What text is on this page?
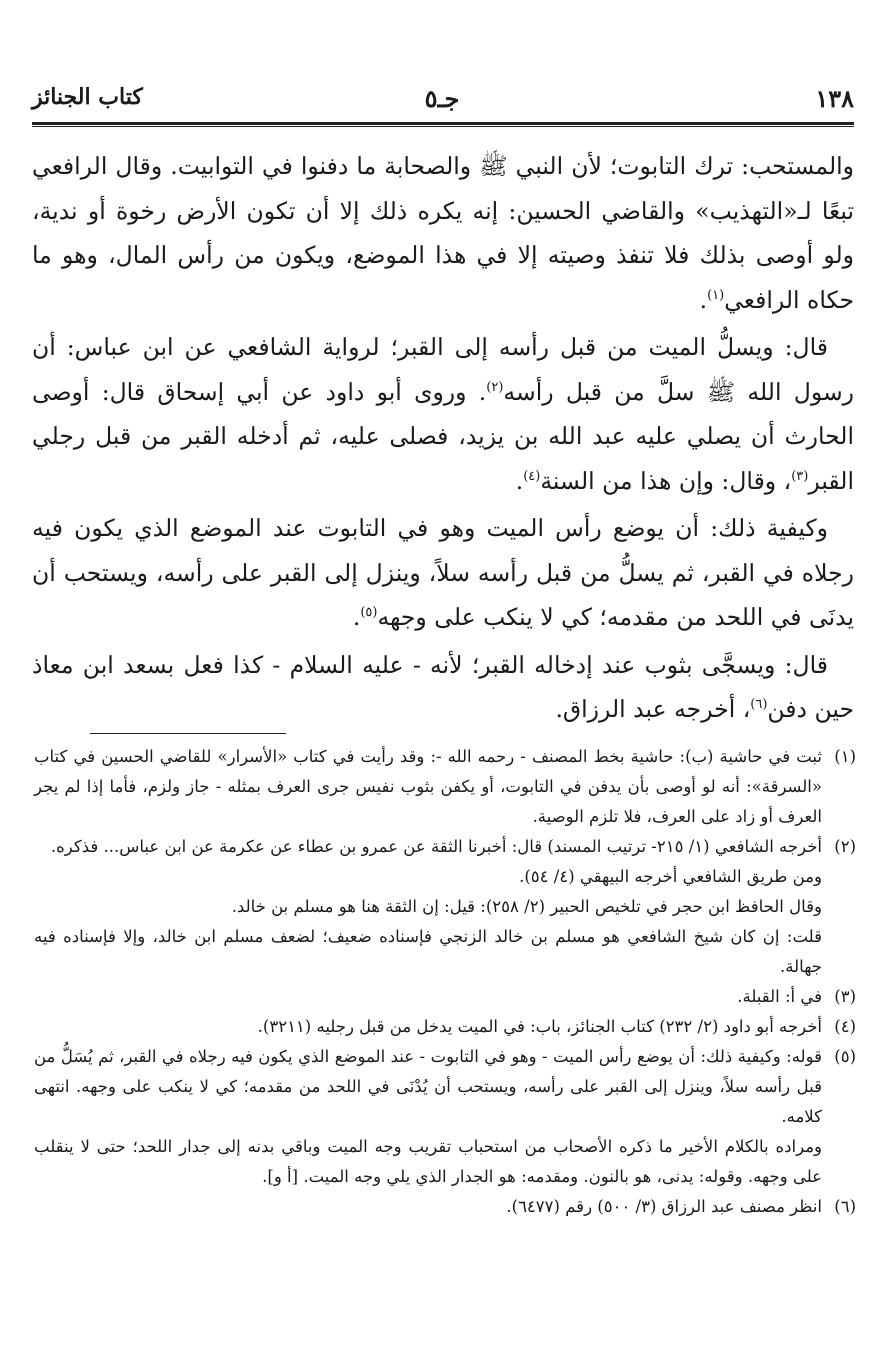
١٣٨
جـ٥
كتاب الجنائز

والمستحب: ترك التابوت؛ لأن النبي ﷺ والصحابة ما دفنوا في التوابيت. وقال الرافعي تبعًا لـ«التهذيب» والقاضي الحسين: إنه يكره ذلك إلا أن تكون الأرض رخوة أو ندية، ولو أوصى بذلك فلا تنفذ وصيته إلا في هذا الموضع، ويكون من رأس المال، وهو ما حكاه الرافعي$^{(١)}$.

قال: ويسلُّ الميت من قبل رأسه إلى القبر؛ لرواية الشافعي عن ابن عباس: أن رسول الله ﷺ سلَّ من قبل رأسه$^{(٢)}$. وروى أبو داود عن أبي إسحاق قال: أوصى الحارث أن يصلي عليه عبد الله بن يزيد، فصلى عليه، ثم أدخله القبر من قبل رجلي القبر$^{(٣)}$، وقال: وإن هذا من السنة$^{(٤)}$.

وكيفية ذلك: أن يوضع رأس الميت وهو في التابوت عند الموضع الذي يكون فيه رجلاه في القبر، ثم يسلُّ من قبل رأسه سلاً، وينزل إلى القبر على رأسه، ويستحب أن يدنَى في اللحد من مقدمه؛ كي لا ينكب على وجهه$^{(٥)}$.

قال: ويسجَّى بثوب عند إدخاله القبر؛ لأنه - عليه السلام - كذا فعل بسعد ابن معاذ حين دفن$^{(٦)}$، أخرجه عبد الرزاق.

(١)
ثبت في حاشية (ب): حاشية بخط المصنف - رحمه الله -: وقد رأيت في كتاب «الأسرار» للقاضي الحسين في كتاب «السرقة»: أنه لو أوصى بأن يدفن في التابوت، أو يكفن بثوب نفيس جرى العرف بمثله - جاز ولزم، فأما إذا لم يجر العرف أو زاد على العرف، فلا تلزم الوصية.
(٢)
أخرجه الشافعي (١/ ٢١٥- ترتيب المسند) قال: أخبرنا الثقة عن عمرو بن عطاء عن عكرمة عن ابن عباس... فذكره.
ومن طريق الشافعي أخرجه البيهقي (٤/ ٥٤).
وقال الحافظ ابن حجر في تلخيص الحبير (٢/ ٢٥٨): قيل: إن الثقة هنا هو مسلم بن خالد.
قلت: إن كان شيخ الشافعي هو مسلم بن خالد الزنجي فإسناده ضعيف؛ لضعف مسلم ابن خالد، وإلا فإسناده فيه جهالة.
(٣)
في أ: القبلة.
(٤)
أخرجه أبو داود (٢/ ٢٣٢) كتاب الجنائز، باب: في الميت يدخل من قبل رجليه (٣٢١١).
(٥)
قوله: وكيفية ذلك: أن يوضع رأس الميت - وهو في التابوت - عند الموضع الذي يكون فيه رجلاه في القبر، ثم يُسَلُّ من قبل رأسه سلاً، وينزل إلى القبر على رأسه، ويستحب أن يُدْنَى في اللحد من مقدمه؛ كي لا ينكب على وجهه. انتهى كلامه.
ومراده بالكلام الأخير ما ذكره الأصحاب من استحباب تقريب وجه الميت وباقي بدنه إلى جدار اللحد؛ حتى لا ينقلب على وجهه. وقوله: يدنى، هو بالنون. ومقدمه: هو الجدار الذي يلي وجه الميت. [أ و].
(٦)
انظر مصنف عبد الرزاق (٣/ ٥٠٠) رقم (٦٤٧٧).
